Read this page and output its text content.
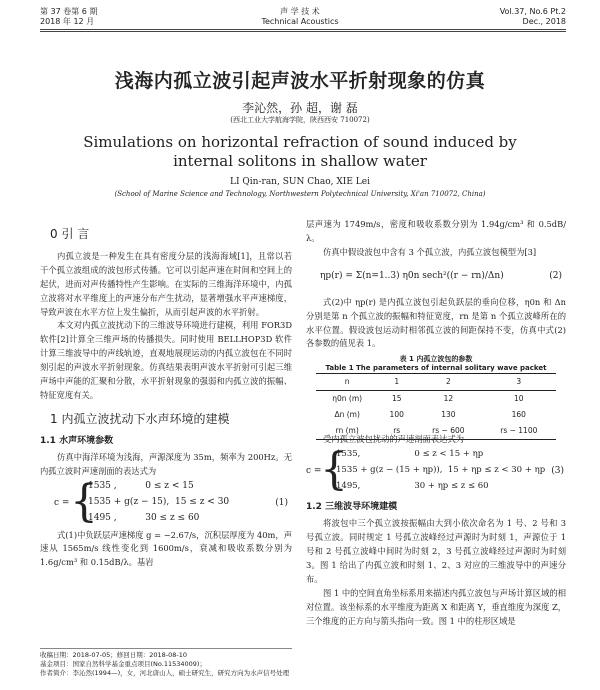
第 37 卷第 6 期
2018 年 12 月
声 学 技 术
Technical Acoustics
Vol.37, No.6 Pt.2
Dec., 2018
浅海内孤立波引起声波水平折射现象的仿真
李沁然，孙 超，谢 磊
(西北工业大学航海学院，陕西西安 710072)
Simulations on horizontal refraction of sound induced by
internal solitons in shallow water
LI Qin-ran, SUN Chao, XIE Lei
(School of Marine Science and Technology, Northwestern Polytechnical University, Xi'an 710072, China)
0 引 言

内孤立波是一种发生在具有密度分层的浅海海域[1]，且常以若干个孤立波组成的波包形式传播。它可以引起声速在时间和空间上的起伏，进而对声传播特性产生影响。在实际的三维海洋环境中，内孤立波将对水平维度上的声速分布产生扰动，显著增强水平声速梯度，导致声波在水平方位上发生偏折，从而引起声波的水平折射。

本文对内孤立波扰动下的三维波导环境进行建模，利用 FOR3D 软件[2]计算全三维声场的传播损失。同时使用 BELLHOP3D 软件计算三维波导中的声线轨迹，直观地展现运动的内孤立波包在不同时刻引起的声波水平折射现象。仿真结果表明声波水平折射可引起三维声场中声能的汇聚和分散，水平折射现象的强弱和内孤立波的振幅、特征宽度有关。

1 内孤立波扰动下水声环境的建模
1.1 水声环境参数

仿真中海洋环境为浅海，声源深度为 35m，频率为 200Hz。无内孤立波时声速剖面的表达式为

c = {
1535 ,          0 ≤ z < 15
1535 + g(z − 15),  15 ≤ z < 30
1495 ,          30 ≤ z ≤ 60
(1)

式(1)中负跃层声速梯度 g = −2.67/s，沉积层厚度为 40m，声速从 1565m/s 线性变化到 1600m/s，衰减和吸收系数分别为 1.6g/cm³ 和 0.15dB/λ。基岩

收稿日期：2018-07-05；修回日期：2018-08-10
基金项目：国家自然科学基金重点项目(No.11534009)；
作者简介：李沁然(1994—)，女，河北唐山人，硕士研究生，研究方向为水声信号处理

层声速为 1749m/s，密度和吸收系数分别为 1.94g/cm³ 和 0.5dB/λ。

仿真中假设波包中含有 3 个孤立波，内孤立波包模型为[3]

ηp(r) = Σ(n=1..3) η0n sech²((r − rn)/Δn)	(2)

式(2)中 ηp(r) 是内孤立波包引起负跃层的垂向位移，η0n 和 Δn 分别是第 n 个孤立波的振幅和特征宽度，rn 是第 n 个孤立波峰所在的水平位置。假设波包运动时相邻孤立波的间距保持不变，仿真中式(2)各参数的值见表 1。

表 1 内孤立波包的参数
Table 1 The parameters of internal solitary wave packet
n	1	2	3
η0n (m)	15	12	10
Δn (m)	100	130	160
rn (m)	rs	rs − 600	rs − 1100

受内孤立波包扰动的声速剖面表达式为

c =
{
1535,                    0 ≤ z < 15 + ηp
1535 + g(z − (15 + ηp)),  15 + ηp ≤ z < 30 + ηp
1495,                    30 + ηp ≤ z ≤ 60
(3)
1.2 三维波导环境建模

将波包中三个孤立波按振幅由大到小依次命名为 1 号、2 号和 3 号孤立波。同时规定 1 号孤立波峰经过声源时为时刻 1，声源位于 1 号和 2 号孤立波峰中间时为时刻 2，3 号孤立波峰经过声源时为时刻 3。图 1 给出了内孤立波和时刻 1、2、3 对应的三维波导中的声速分布。

图 1 中的空间直角坐标系用来描述内孤立波包与声场计算区域的相对位置。该坐标系的水平维度为距离 X 和距离 Y，垂直维度为深度 Z，三个维度的正方向与箭头指向一致。图 1 中的柱形区域是
